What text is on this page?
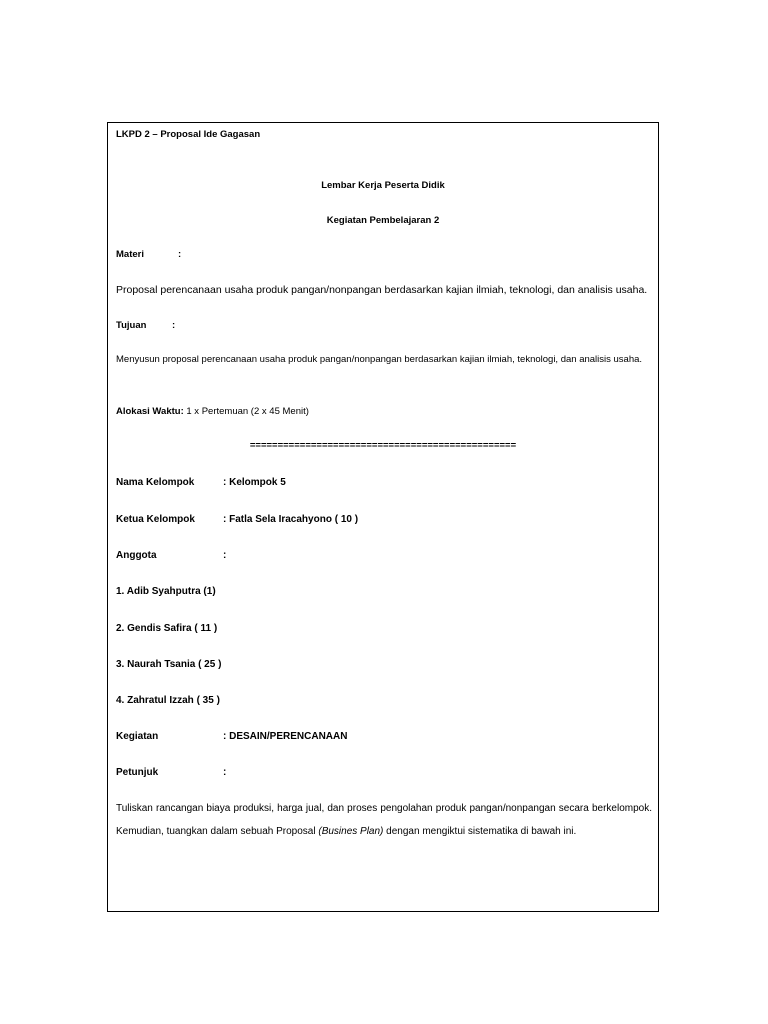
LKPD 2 – Proposal Ide Gagasan
Lembar Kerja Peserta Didik
Kegiatan Pembelajaran 2
Materi	:
Proposal perencanaan usaha produk pangan/nonpangan berdasarkan kajian ilmiah, teknologi, dan analisis usaha.
Tujuan	:
Menyusun proposal perencanaan usaha produk pangan/nonpangan berdasarkan kajian ilmiah, teknologi, dan analisis usaha.
Alokasi Waktu: 1 x Pertemuan (2 x 45 Menit)
================================================
Nama Kelompok	: Kelompok 5
Ketua Kelompok	: Fatla Sela Iracahyono ( 10 )
Anggota	:
1. Adib Syahputra (1)
2. Gendis Safira ( 11 )
3. Naurah Tsania ( 25 )
4. Zahratul Izzah ( 35 )
Kegiatan	: DESAIN/PERENCANAAN
Petunjuk	:
Tuliskan rancangan biaya produksi, harga jual, dan proses pengolahan produk pangan/nonpangan secara berkelompok. Kemudian, tuangkan dalam sebuah Proposal (Busines Plan) dengan mengiktui sistematika di bawah ini.
